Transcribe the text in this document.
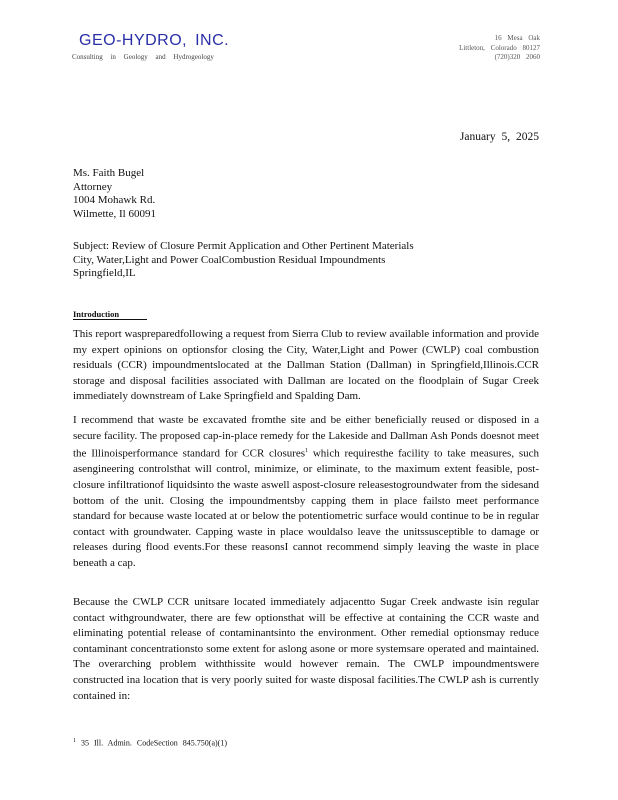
GEO-HYDRO, INC.
Consulting in Geology and Hydrogeology
16 Mesa Oak
Littleton, Colorado 80127
(720)320 2060
January 5, 2025
Ms. Faith Bugel
Attorney
1004 Mohawk Rd.
Wilmette, Il 60091
Subject: Review of Closure Permit Application and Other Pertinent Materials
City, Water,Light and Power CoalCombustion Residual Impoundments
Springfield,IL
Introduction
This report waspreparedfollowing a request from Sierra Club to review available information and provide my expert opinions on optionsfor closing the City, Water,Light and Power (CWLP) coal combustion residuals (CCR) impoundmentslocated at the Dallman Station (Dallman) in Springfield,Illinois.CCR storage and disposal facilities associated with Dallman are located on the floodplain of Sugar Creek immediately downstream of Lake Springfield and Spalding Dam.
I recommend that waste be excavated fromthe site and be either beneficially reused or disposed in a secure facility. The proposed cap-in-place remedy for the Lakeside and Dallman Ash Ponds doesnot meet the Illinoisperformance standard for CCR closures$^1$ which requiresthe facility to take measures, such asengineering controlsthat will control, minimize, or eliminate, to the maximum extent feasible, post-closure infiltrationof liquidsinto the waste aswell aspost-closure releasestogroundwater from the sidesand bottom of the unit. Closing the impoundmentsby capping them in place failsto meet performance standard for because waste located at or below the potentiometric surface would continue to be in regular contact with groundwater. Capping waste in place wouldalso leave the unitssusceptible to damage or releases during flood events.For these reasonsI cannot recommend simply leaving the waste in place beneath a cap.
Because the CWLP CCR unitsare located immediately adjacentto Sugar Creek andwaste isin regular contact withgroundwater, there are few optionsthat will be effective at containing the CCR waste and eliminating potential release of contaminantsinto the environment. Other remedial optionsmay reduce contaminant concentrationsto some extent for aslong asone or more systemsare operated and maintained. The overarching problem withthissite would however remain. The CWLP impoundmentswere constructed ina location that is very poorly suited for waste disposal facilities.The CWLP ash is currently contained in:
$^1$ 35 Ill. Admin. CodeSection 845.750(a)(1)
